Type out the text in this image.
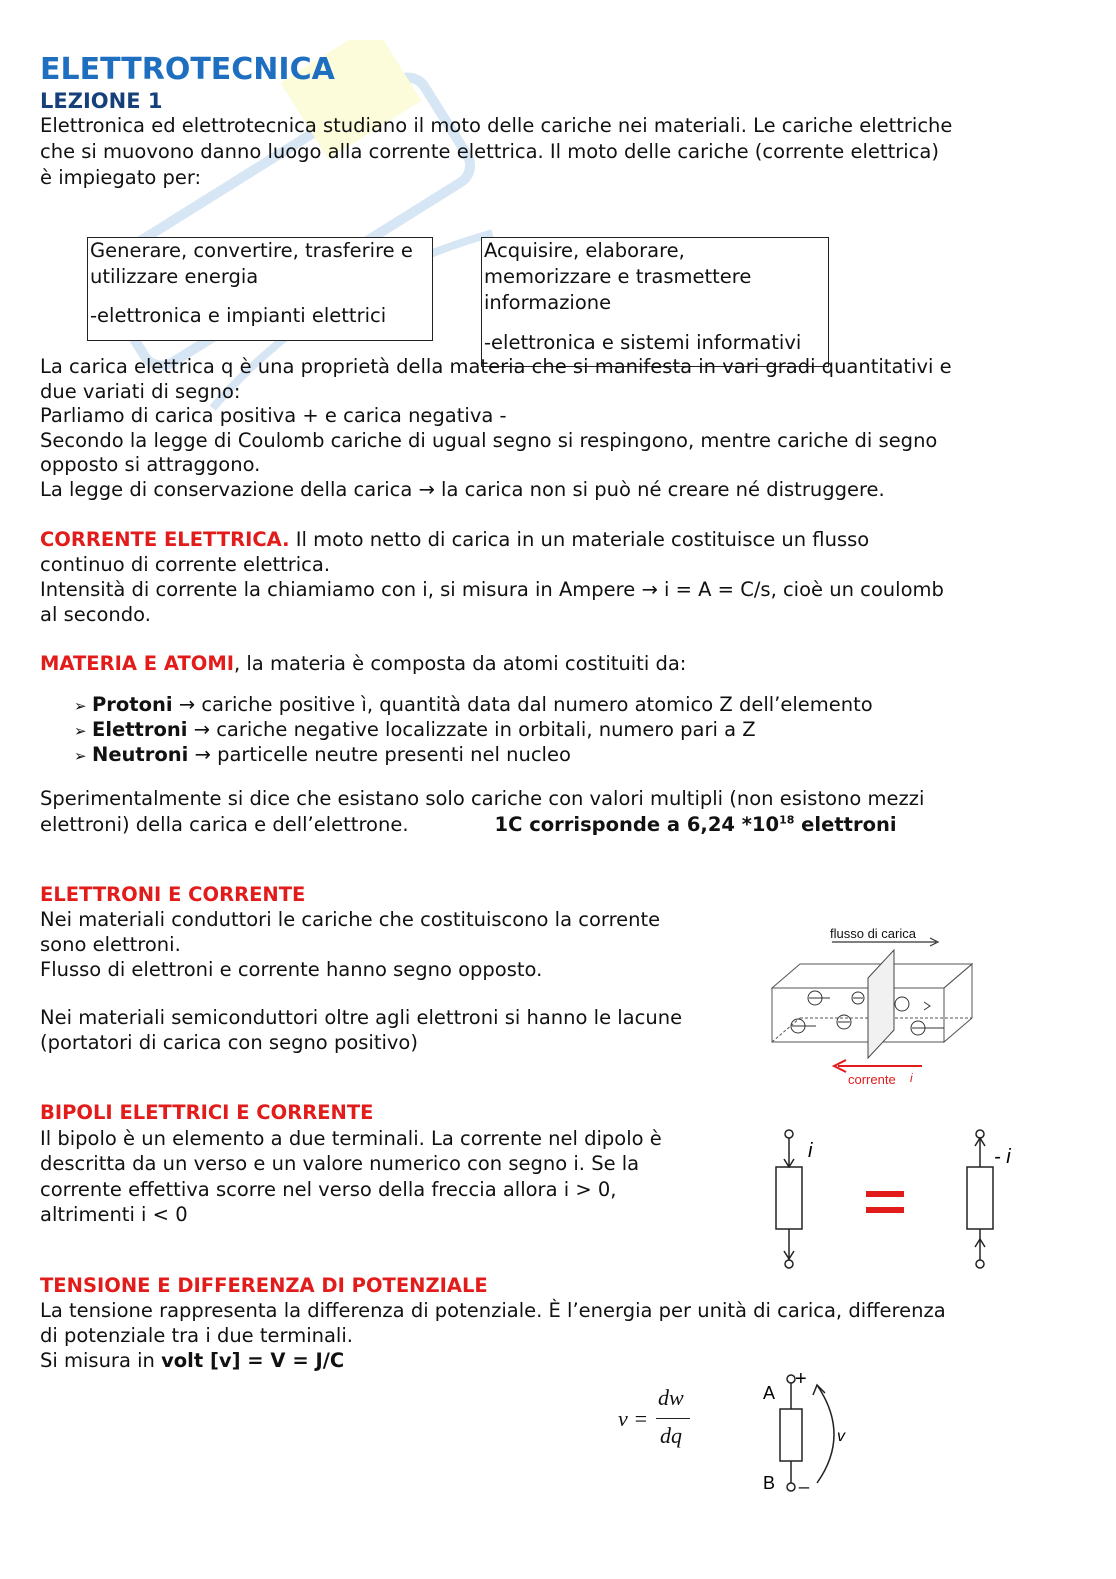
ELETTROTECNICA
LEZIONE 1
Elettronica ed elettrotecnica studiano il moto delle cariche nei materiali. Le cariche elettriche
che si muovono danno luogo alla corrente elettrica. Il moto delle cariche (corrente elettrica)
è impiegato per:

Generare, convertire, trasferire e

utilizzare energia

-elettronica e impianti elettrici

Acquisire, elaborare,

memorizzare e trasmettere

informazione

-elettronica e sistemi informativi

La carica elettrica q è una proprietà della materia che si manifesta in vari gradi quantitativi e
due variati di segno:
Parliamo di carica positiva + e carica negativa -
Secondo la legge di Coulomb cariche di ugual segno si respingono, mentre cariche di segno
opposto si attraggono.
La legge di conservazione della carica → la carica non si può né creare né distruggere.
CORRENTE ELETTRICA. Il moto netto di carica in un materiale costituisce un flusso
continuo di corrente elettrica.
Intensità di corrente la chiamiamo con i, si misura in Ampere → i = A = C/s, cioè un coulomb
al secondo.
MATERIA E ATOMI, la materia è composta da atomi costituiti da:
➢ Protoni → cariche positive ì, quantità data dal numero atomico Z dell’elemento
➢ Elettroni → cariche negative localizzate in orbitali, numero pari a Z
➢ Neutroni → particelle neutre presenti nel nucleo
Sperimentalmente si dice che esistano solo cariche con valori multipli (non esistono mezzi
elettroni) della carica e dell’elettrone.	1C corrisponde a 6,24 $*10^{18}$ elettroni
ELETTRONI E CORRENTE
Nei materiali conduttori le cariche che costituiscono la corrente
sono elettroni.
Flusso di elettroni e corrente hanno segno opposto.
Nei materiali semiconduttori oltre agli elettroni si hanno le lacune
(portatori di carica con segno positivo)
flusso di carica
corrente i
BIPOLI ELETTRICI E CORRENTE
Il bipolo è un elemento a due terminali. La corrente nel dipolo è
descritta da un verso e un valore numerico con segno i. Se la
corrente effettiva scorre nel verso della freccia allora i > 0,
altrimenti i < 0
i	- i
TENSIONE E DIFFERENZA DI POTENZIALE
La tensione rappresenta la differenza di potenziale. È l’energia per unità di carica, differenza
di potenziale tra i due terminali.
Si misura in volt [v] = V = J/C
v =
dw
dq
A
B
+
_
v
